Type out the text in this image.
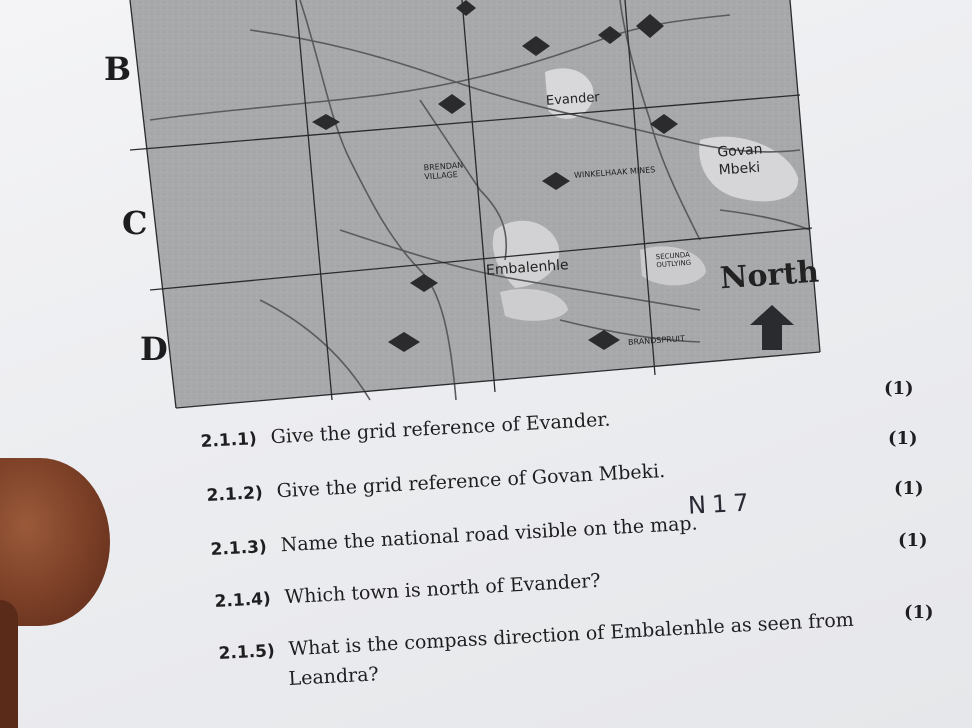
B
C
D
Evander
Govan
Mbeki
BRENDAN
VILLAGE	WINKELHAAK MINES
Embalenhle
SECUNDA
OUTLYING
BRANDSPRUIT
North
(1)
(1)
(1)
(1)
(1)
2.1.1) Give the grid reference of Evander.
2.1.2) Give the grid reference of Govan Mbeki.
2.1.3) Name the national road visible on the map.
N17
2.1.4) Which town is north of Evander?
2.1.5) What is the compass direction of Embalenhle as seen from
Leandra?
